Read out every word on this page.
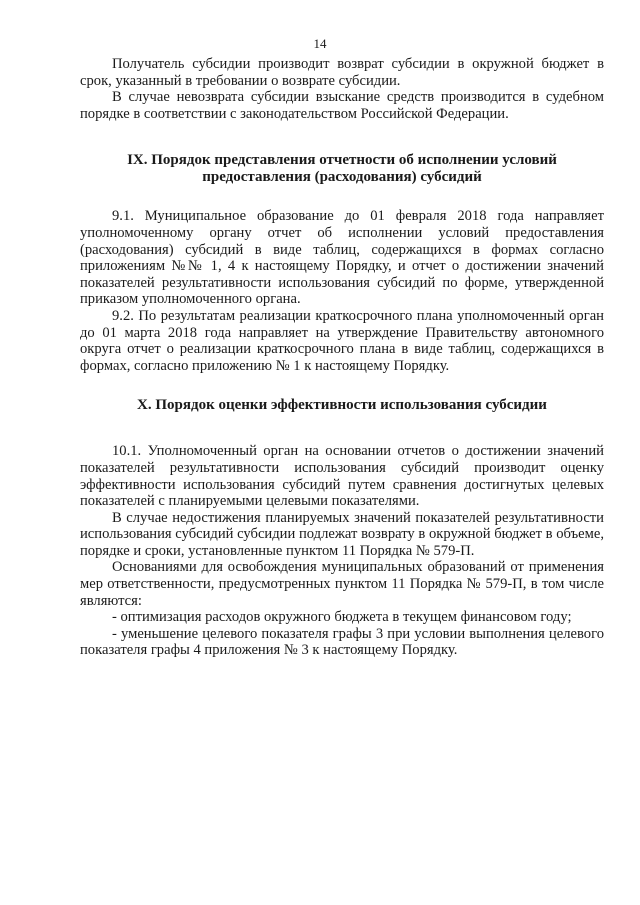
14

Получатель субсидии производит возврат субсидии в окружной бюджет в срок, указанный в требовании о возврате субсидии.

В случае невозврата субсидии взыскание средств производится в судебном порядке в соответствии с законодательством Российской Федерации.

IX. Порядок представления отчетности об исполнении условий предоставления (расходования) субсидий

9.1. Муниципальное образование до 01 февраля 2018 года направляет уполномоченному органу отчет об исполнении условий предоставления (расходования) субсидий в виде таблиц, содержащихся в формах согласно приложениям №№ 1, 4 к настоящему Порядку, и отчет о достижении значений показателей результативности использования субсидий по форме, утвержденной приказом уполномоченного органа.

9.2. По результатам реализации краткосрочного плана уполномоченный орган до 01 марта 2018 года направляет на утверждение Правительству автономного округа отчет о реализации краткосрочного плана в виде таблиц, содержащихся в формах, согласно приложению № 1 к настоящему Порядку.

X. Порядок оценки эффективности использования субсидии

10.1. Уполномоченный орган на основании отчетов о достижении значений показателей результативности использования субсидий производит оценку эффективности использования субсидий путем сравнения достигнутых целевых показателей с планируемыми целевыми показателями.

В случае недостижения планируемых значений показателей результативности использования субсидий субсидии подлежат возврату в окружной бюджет в объеме, порядке и сроки, установленные пунктом 11 Порядка № 579-П.

Основаниями для освобождения муниципальных образований от применения мер ответственности, предусмотренных пунктом 11 Порядка № 579-П, в том числе являются:

- оптимизация расходов окружного бюджета в текущем финансовом году;

- уменьшение целевого показателя графы 3 при условии выполнения целевого показателя графы 4 приложения № 3 к настоящему Порядку.
